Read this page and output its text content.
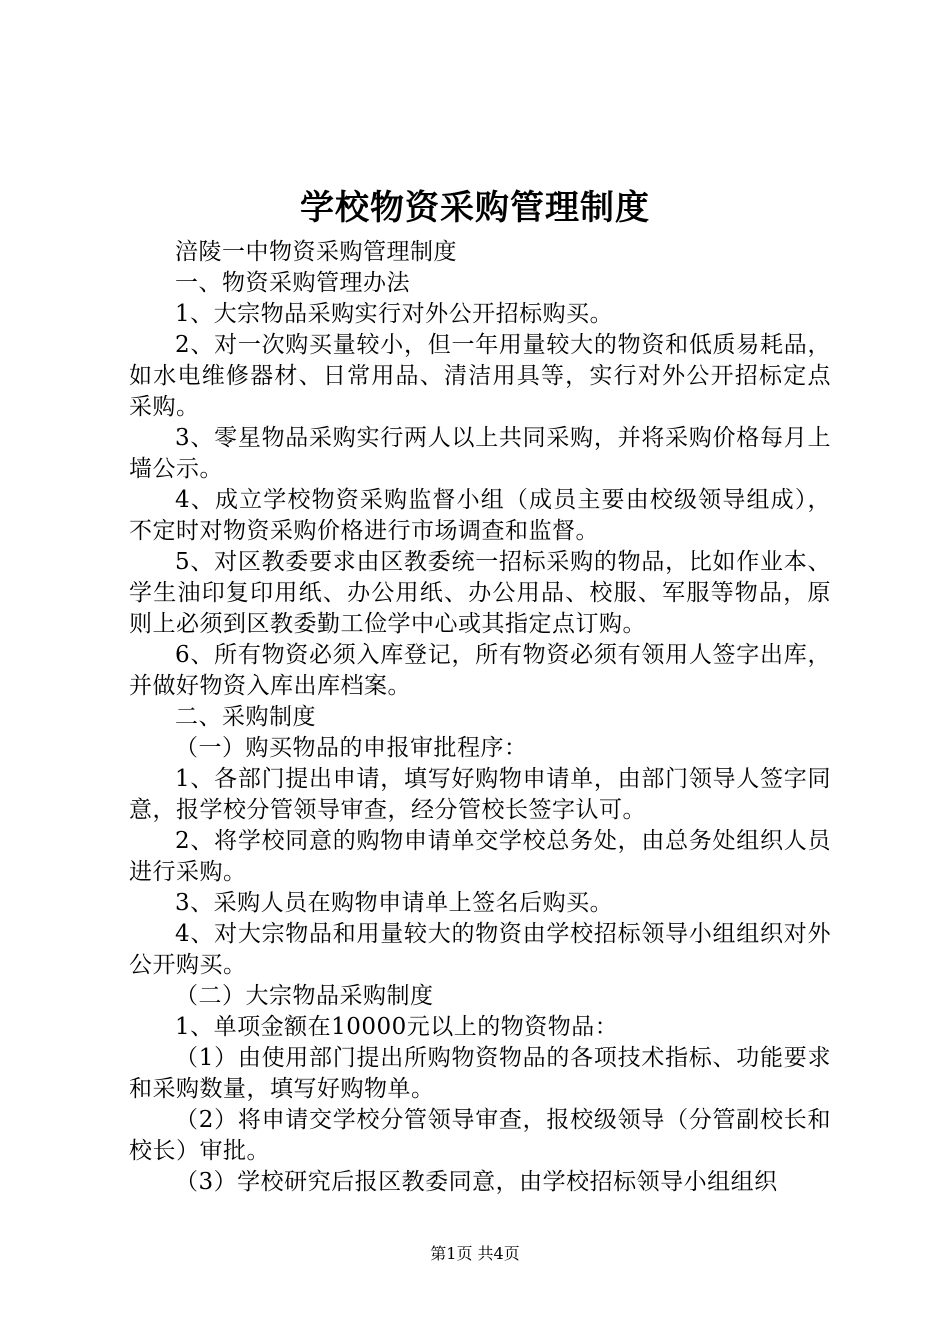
学校物资采购管理制度

涪陵一中物资采购管理制度

一、物资采购管理办法

1、大宗物品采购实行对外公开招标购买。

2、对一次购买量较小，但一年用量较大的物资和低质易耗品，如水电维修器材、日常用品、清洁用具等，实行对外公开招标定点采购。

3、零星物品采购实行两人以上共同采购，并将采购价格每月上墙公示。

4、成立学校物资采购监督小组（成员主要由校级领导组成），不定时对物资采购价格进行市场调查和监督。

5、对区教委要求由区教委统一招标采购的物品，比如作业本、学生油印复印用纸、办公用纸、办公用品、校服、军服等物品，原则上必须到区教委勤工俭学中心或其指定点订购。

6、所有物资必须入库登记，所有物资必须有领用人签字出库，并做好物资入库出库档案。

二、采购制度

（一）购买物品的申报审批程序：

1、各部门提出申请，填写好购物申请单，由部门领导人签字同意，报学校分管领导审查，经分管校长签字认可。

2、将学校同意的购物申请单交学校总务处，由总务处组织人员进行采购。

3、采购人员在购物申请单上签名后购买。

4、对大宗物品和用量较大的物资由学校招标领导小组组织对外公开购买。

（二）大宗物品采购制度

1、单项金额在10000元以上的物资物品：

（1）由使用部门提出所购物资物品的各项技术指标、功能要求和采购数量，填写好购物单。

（2）将申请交学校分管领导审查，报校级领导（分管副校长和校长）审批。

（3）学校研究后报区教委同意，由学校招标领导小组组织

第1页 共4页
